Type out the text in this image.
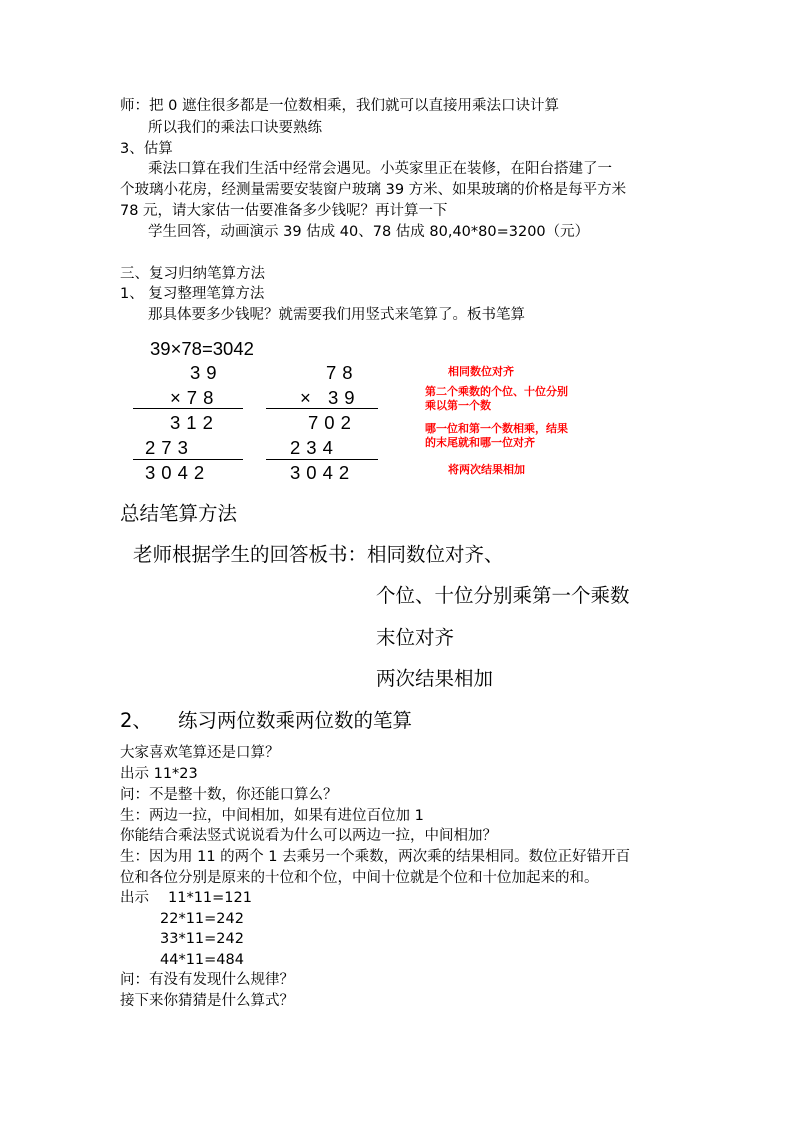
师：把 0 遮住很多都是一位数相乘，我们就可以直接用乘法口诀计算
所以我们的乘法口诀要熟练
3、估算
乘法口算在我们生活中经常会遇见。小英家里正在装修，在阳台搭建了一
个玻璃小花房，经测量需要安装窗户玻璃 39 方米、如果玻璃的价格是每平方米
78 元，请大家估一估要准备多少钱呢？再计算一下
学生回答，动画演示 39 估成 40、78 估成 80,40*80=3200（元）
三、复习归纳笔算方法
1、 复习整理笔算方法
那具体要多少钱呢？就需要我们用竖式来笔算了。板书笔算
39×78=3042
39
×78
312
273
3042
78
× 39
702
234
3042
相同数位对齐
第二个乘数的个位、十位分别
乘以第一个数
哪一位和第一个数相乘，结果
的末尾就和哪一位对齐
将两次结果相加
总结笔算方法
老师根据学生的回答板书：相同数位对齐、
个位、十位分别乘第一个乘数
末位对齐
两次结果相加
2、 练习两位数乘两位数的笔算
大家喜欢笔算还是口算？
出示 11*23
问：不是整十数，你还能口算么？
生：两边一拉，中间相加，如果有进位百位加 1
你能结合乘法竖式说说看为什么可以两边一拉，中间相加？
生：因为用 11 的两个 1 去乘另一个乘数，两次乘的结果相同。数位正好错开百
位和各位分别是原来的十位和个位，中间十位就是个位和十位加起来的和。
出示 11*11=121
22*11=242
33*11=242
44*11=484
问：有没有发现什么规律？
接下来你猜猜是什么算式？
